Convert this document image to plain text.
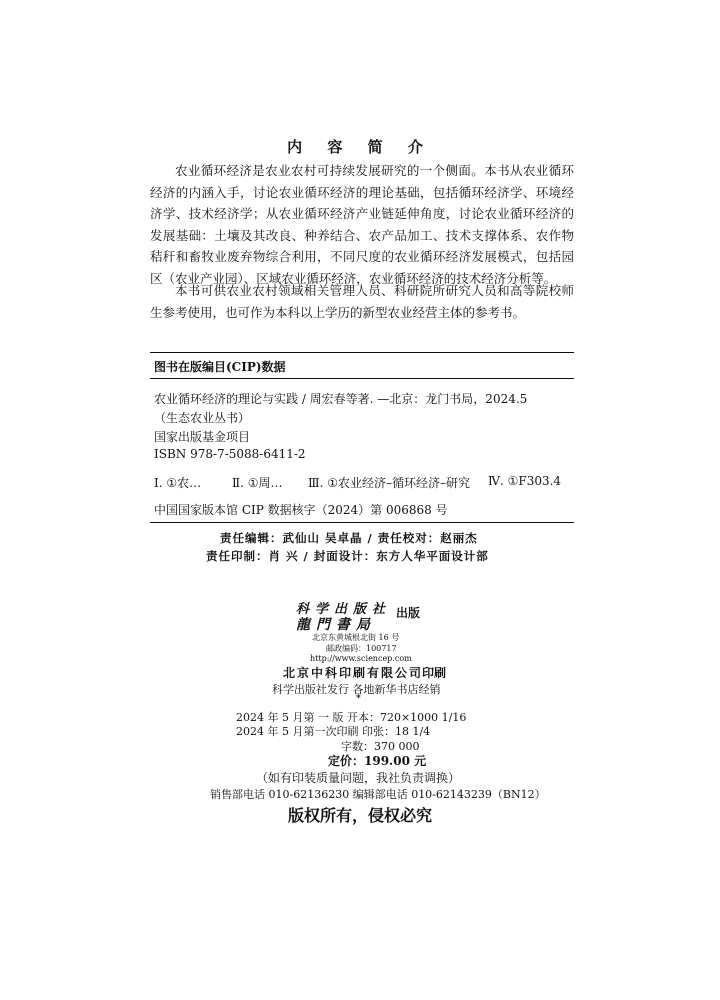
内 容 简 介
农业循环经济是农业农村可持续发展研究的一个侧面。本书从农业循环经济的内涵入手，讨论农业循环经济的理论基础，包括循环经济学、环境经济学、技术经济学；从农业循环经济产业链延伸角度，讨论农业循环经济的发展基础：土壤及其改良、种养结合、农产品加工、技术支撑体系、农作物秸秆和畜牧业废弃物综合利用，不同尺度的农业循环经济发展模式，包括园区（农业产业园）、区域农业循环经济，农业循环经济的技术经济分析等。
本书可供农业农村领域相关管理人员、科研院所研究人员和高等院校师生参考使用，也可作为本科以上学历的新型农业经营主体的参考书。
图书在版编目(CIP)数据
农业循环经济的理论与实践 / 周宏春等著. —北京：龙门书局，2024.5
（生态农业丛书）
国家出版基金项目
ISBN 978-7-5088-6411-2
Ⅰ. ①农…	Ⅱ. ①周… Ⅲ. ①农业经济–循环经济–研究 Ⅳ. ①F303.4
中国国家版本馆 CIP 数据核字（2024）第 006868 号
责任编辑：武仙山 吴卓晶 / 责任校对：赵丽杰
责任印制：肖 兴 / 封面设计：东方人华平面设计部
科学出版社
龍門書局
出版
北京东黄城根北街 16 号
邮政编码：100717
http://www.sciencep.com
北京中科印刷有限公司
印刷
科学出版社发行 各地新华书店经销
*
2024 年 5 月第 一 版 开本：720×1000 1/16
2024 年 5 月第一次印刷 印张：18 1/4
字数：370 000
定价：199.00 元
（如有印装质量问题，我社负责调换）
销售部电话 010-62136230 编辑部电话 010-62143239（BN12）
版权所有，侵权必究
